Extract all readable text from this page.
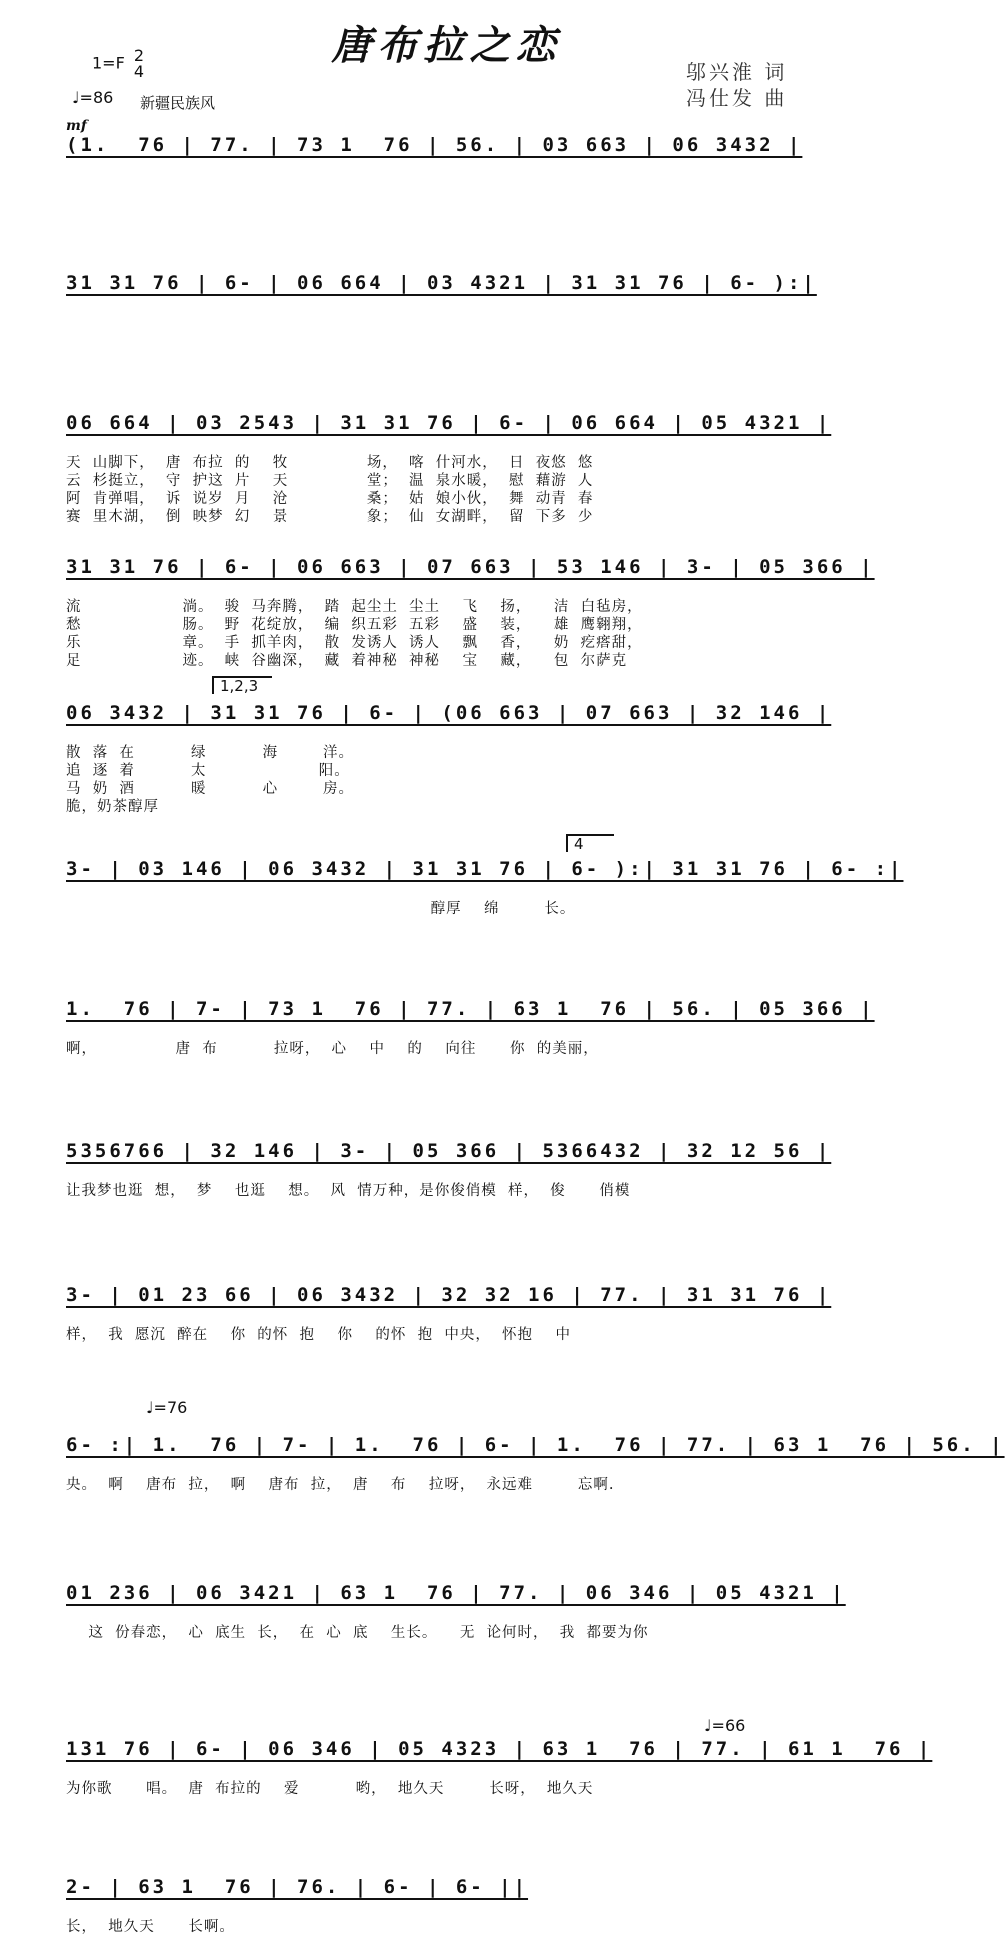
唐布拉之恋
1=F 2
4
♩=86 新疆民族风
邬兴淮 词
冯仕发 曲
mf
(1.  76 | 77. | 73 1  76 | 56. | 03 663 | 06 3432 |
31 31 76 | 6- | 06 664 | 03 4321 | 31 31 76 | 6- ):|
06 664 | 03 2543 | 31 31 76 | 6- | 06 664 | 05 4321 |
天  山脚下，  唐  布拉  的    牧              场，  喀  什河水，  日  夜悠  悠
云  杉挺立，  守  护这  片    天              堂；  温  泉水暖，  慰  藉游  人
阿  肯弹唱，  诉  说岁  月    沧              桑；  姑  娘小伙，  舞  动青  春
赛  里木湖，  倒  映梦  幻    景              象；  仙  女湖畔，  留  下多  少
31 31 76 | 6- | 06 663 | 07 663 | 53 146 | 3- | 05 366 |
流                  淌。  骏  马奔腾，  踏  起尘土  尘土    飞    扬，    洁  白毡房，
愁                  肠。  野  花绽放，  编  织五彩  五彩    盛    装，    雄  鹰翱翔，
乐                  章。  手  抓羊肉，  散  发诱人  诱人    飘    香，    奶  疙瘩甜，
足                  迹。  峡  谷幽深，  藏  着神秘  神秘    宝    藏，    包  尔萨克
1,2,3
06 3432 | 31 31 76 | 6- | (06 663 | 07 663 | 32 146 |
散  落  在          绿          海        洋。
追  逐  着          太                    阳。
马  奶  酒          暖          心        房。
脆，奶茶醇厚
4
3- | 03 146 | 06 3432 | 31 31 76 | 6- ):| 31 31 76 | 6- :|
醇厚    绵        长。
1.  76 | 7- | 73 1  76 | 77. | 63 1  76 | 56. | 05 366 |
啊，              唐  布          拉呀，  心    中    的    向往      你  的美丽，
5356766 | 32 146 | 3- | 05 366 | 5366432 | 32 12 56 |
让我梦也逛  想，  梦    也逛    想。  风  情万种，是你俊俏模  样，  俊      俏模
3- | 01 23 66 | 06 3432 | 32 32 16 | 77. | 31 31 76 |
样，  我  愿沉  醉在    你  的怀  抱    你    的怀  抱  中央，  怀抱    中
♩=76
6- :| 1.  76 | 7- | 1.  76 | 6- | 1.  76 | 77. | 63 1  76 | 56. |
央。  啊    唐布  拉，  啊    唐布  拉，  唐    布    拉呀，  永远难        忘啊.
01 236 | 06 3421 | 63 1  76 | 77. | 06 346 | 05 4321 |
这  份春恋，  心  底生  长，  在  心  底    生长。    无  论何时，  我  都要为你
♩=66
131 76 | 6- | 06 346 | 05 4323 | 63 1  76 | 77. | 61 1  76 |
为你歌      唱。  唐  布拉的    爱          哟，  地久天        长呀，  地久天
2- | 63 1  76 | 76. | 6- | 6- ||
长，  地久天      长啊。
